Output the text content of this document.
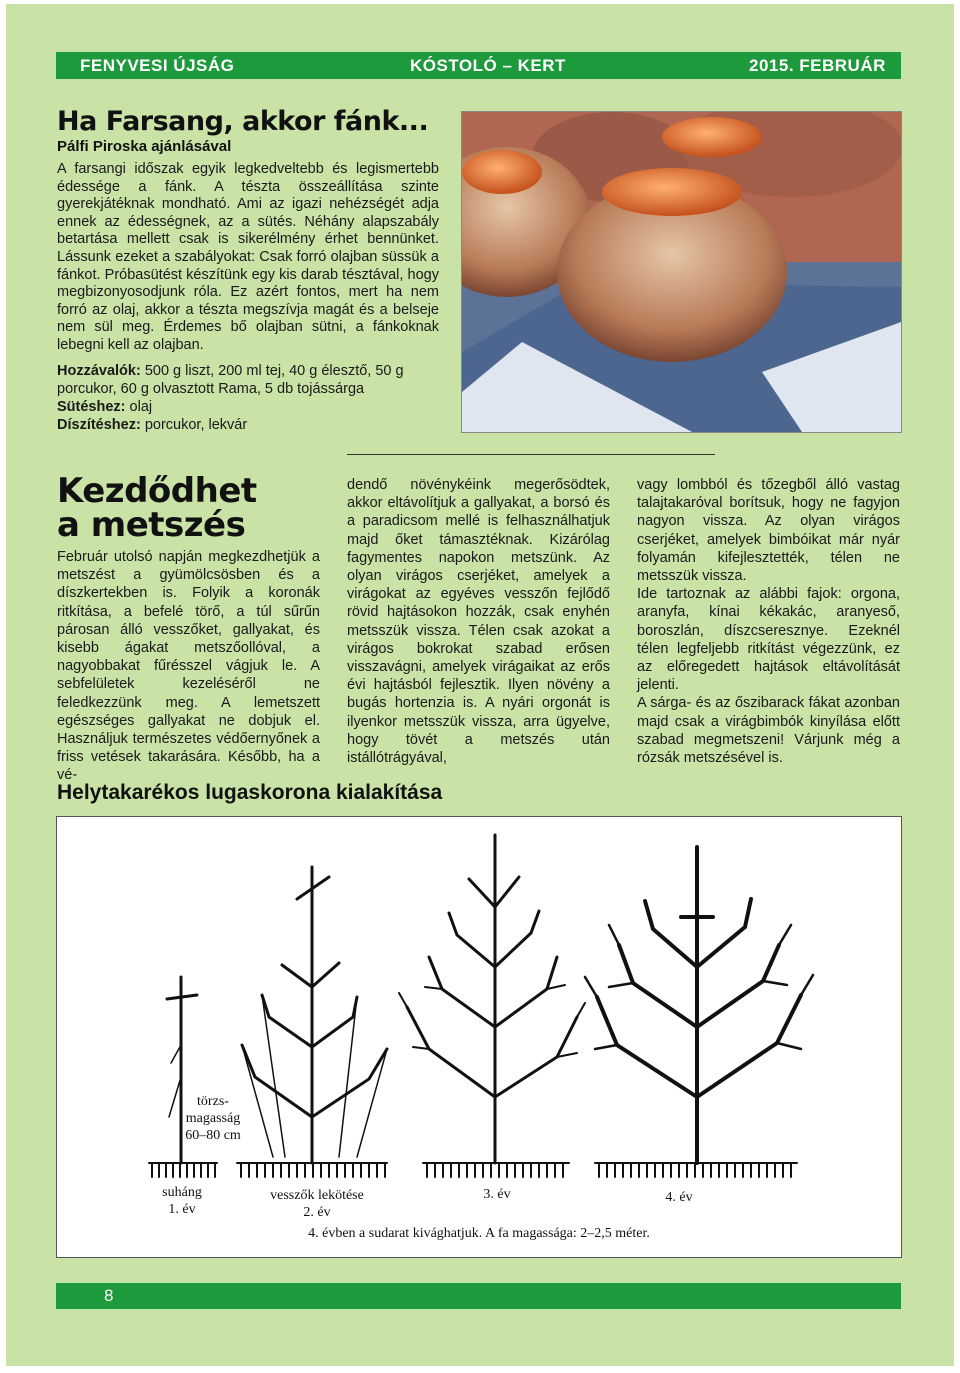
FENYVESI ÚJSÁG	KÓSTOLÓ – KERT	2015. FEBRUÁR
Ha Farsang, akkor fánk...
Pálfi Piroska ajánlásával

A farsangi időszak egyik legkedveltebb és legismertebb édessége a fánk. A tészta összeállítása szinte gyerekjátéknak mondható. Ami az igazi nehézségét adja ennek az édességnek, az a sütés. Néhány alapszabály betartása mellett csak is sikerélmény érhet bennünket. Lássunk ezeket a szabályokat: Csak forró olajban süssük a fánkot. Próbasütést készítünk egy kis darab tésztával, hogy megbizonyosodjunk róla. Ez azért fontos, mert ha nem forró az olaj, akkor a tészta megszívja magát és a belseje nem sül meg. Érdemes bő olajban sütni, a fánkoknak lebegni kell az olajban.

Hozzávalók: 500 g liszt, 200 ml tej, 40 g élesztő, 50 g porcukor, 60 g olvasztott Rama, 5 db tojássárga

Sütéshez: olaj

Díszítéshez: porcukor, lekvár

Kezdődhet
a metszés

Február utolsó napján megkezdhetjük a metszést a gyümölcsösben és a díszkertekben is. Folyik a koronák ritkítása, a befelé törő, a túl sűrűn párosan álló vesszőket, gallyakat, és kisebb ágakat metszőollóval, a nagyobbakat fűrésszel vágjuk le. A sebfelületek kezeléséről ne feledkezzünk meg. A lemetszett egészséges gallyakat ne dobjuk el. Használjuk természetes védőernyőnek a friss vetések takarására. Később, ha a vé-

dendő növénykéink megerősödtek, akkor eltávolítjuk a gallyakat, a borsó és a paradicsom mellé is felhasználhatjuk majd őket támasztéknak. Kizárólag fagymentes napokon metszünk. Az olyan virágos cserjéket, amelyek a virágokat az egyéves vesszőn fejlődő rövid hajtásokon hozzák, csak enyhén metsszük vissza. Télen csak azokat a virágos bokrokat szabad erősen visszavágni, amelyek virágaikat az erős évi hajtásból fejlesztik. Ilyen növény a bugás hortenzia is. A nyári orgonát is ilyenkor metsszük vissza, arra ügyelve, hogy tövét a metszés után istállótrágyával,

vagy lombból és tőzegből álló vastag talajtakaróval borítsuk, hogy ne fagyjon nagyon vissza. Az olyan virágos cserjéket, amelyek bimbóikat már nyár folyamán kifejlesztették, télen ne metsszük vissza.

Ide tartoznak az alábbi fajok: orgona, aranyfa, kínai kékakác, aranyeső, boroszlán, díszcseresznye. Ezeknél télen legfeljebb ritkítást végezzünk, ez az előregedett hajtások eltávolítását jelenti.

A sárga- és az őszibarack fákat azonban majd csak a virágbimbók kinyílása előtt szabad megmetszeni! Várjunk még a rózsák metszésével is.

Helytakarékos lugaskorona kialakítása
törzs-
magasság
60–80 cm
suháng
1. év
vesszők lekötése
2. év
3. év	4. év
4. évben a sudarat kivághatjuk. A fa magassága: 2–2,5 méter.
8
